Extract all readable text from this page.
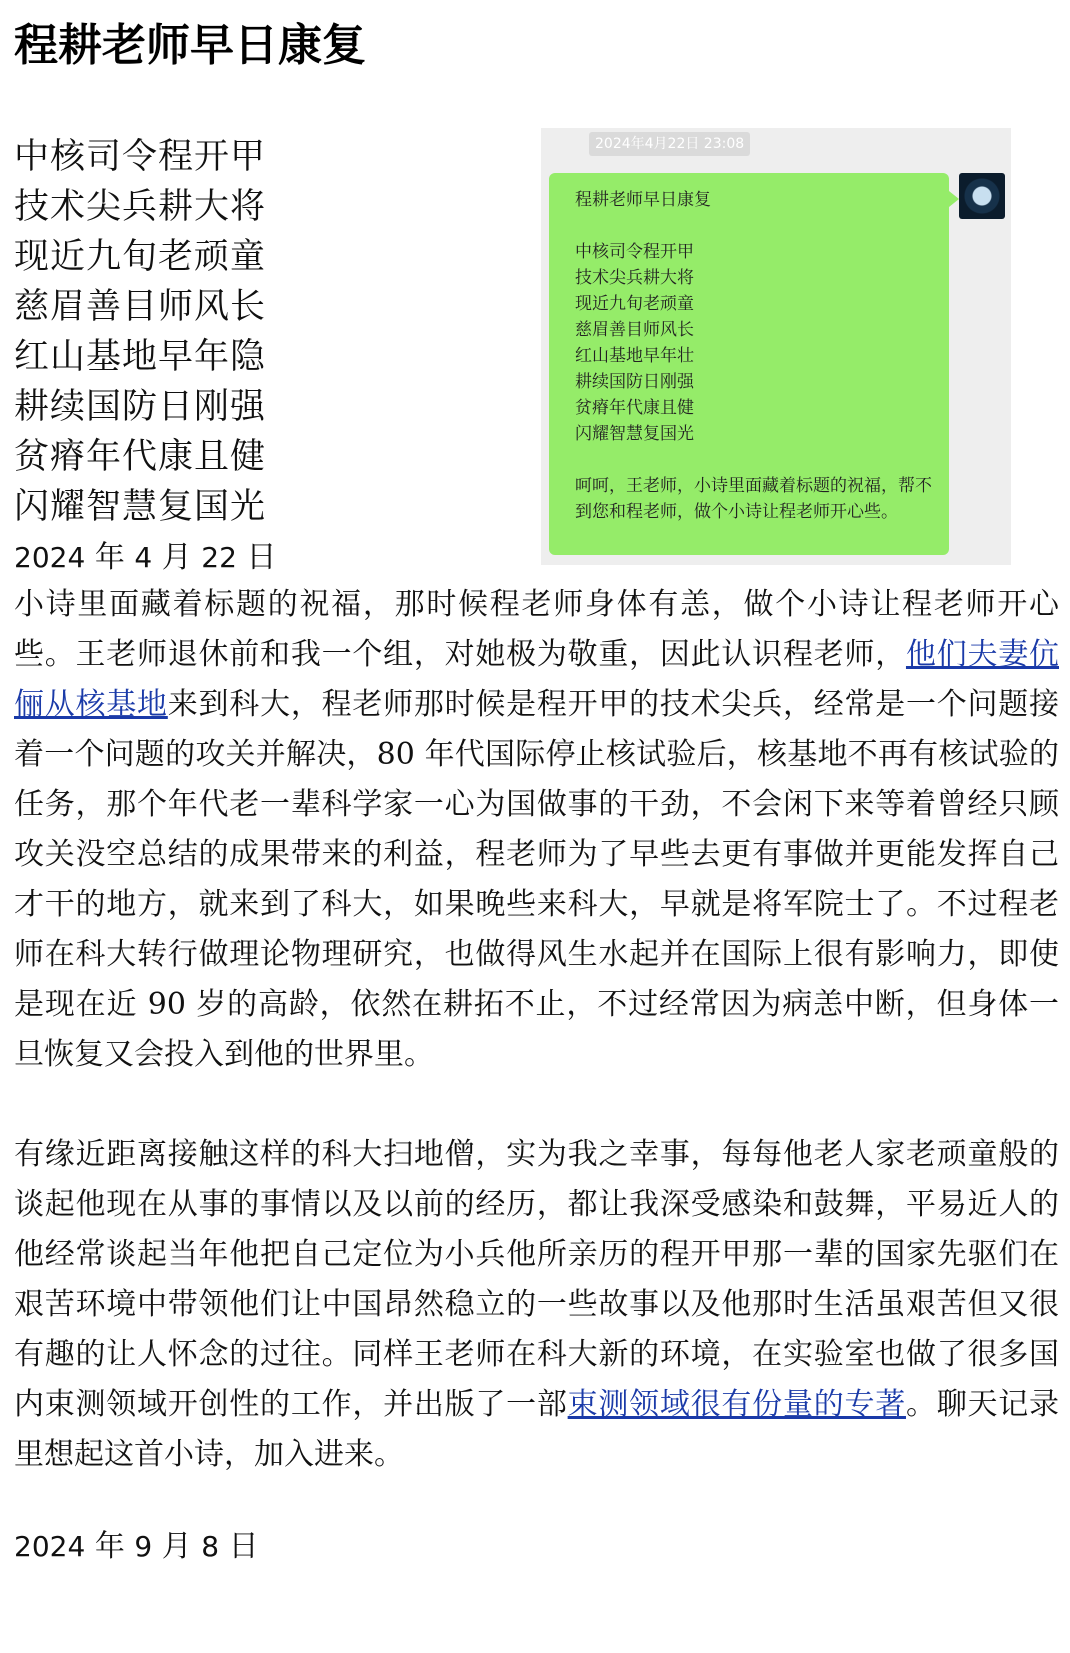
程耕老师早日康复
中核司令程开甲
技术尖兵耕大将
现近九旬老顽童
慈眉善目师风长
红山基地早年隐
耕续国防日刚强
贫瘠年代康且健
闪耀智慧复国光
2024 年 4 月 22 日
2024年4月22日 23:08
程耕老师早日康复
中核司令程开甲
技术尖兵耕大将
现近九旬老顽童
慈眉善目师风长
红山基地早年壮
耕续国防日刚强
贫瘠年代康且健
闪耀智慧复国光
呵呵，王老师，小诗里面藏着标题的祝福，帮不到您和程老师，做个小诗让程老师开心些。

小诗里面藏着标题的祝福，那时候程老师身体有恙，做个小诗让程老师开心些。王老师退休前和我一个组，对她极为敬重，因此认识程老师，他们夫妻伉俪从核基地来到科大，程老师那时候是程开甲的技术尖兵，经常是一个问题接着一个问题的攻关并解决，80 年代国际停止核试验后，核基地不再有核试验的任务，那个年代老一辈科学家一心为国做事的干劲，不会闲下来等着曾经只顾攻关没空总结的成果带来的利益，程老师为了早些去更有事做并更能发挥自己才干的地方，就来到了科大，如果晚些来科大，早就是将军院士了。不过程老师在科大转行做理论物理研究，也做得风生水起并在国际上很有影响力，即使是现在近 90 岁的高龄，依然在耕拓不止，不过经常因为病恙中断，但身体一旦恢复又会投入到他的世界里。

有缘近距离接触这样的科大扫地僧，实为我之幸事，每每他老人家老顽童般的谈起他现在从事的事情以及以前的经历，都让我深受感染和鼓舞，平易近人的他经常谈起当年他把自己定位为小兵他所亲历的程开甲那一辈的国家先驱们在艰苦环境中带领他们让中国昂然稳立的一些故事以及他那时生活虽艰苦但又很有趣的让人怀念的过往。同样王老师在科大新的环境，在实验室也做了很多国内束测领域开创性的工作，并出版了一部束测领域很有份量的专著。聊天记录里想起这首小诗，加入进来。

2024 年 9 月 8 日
